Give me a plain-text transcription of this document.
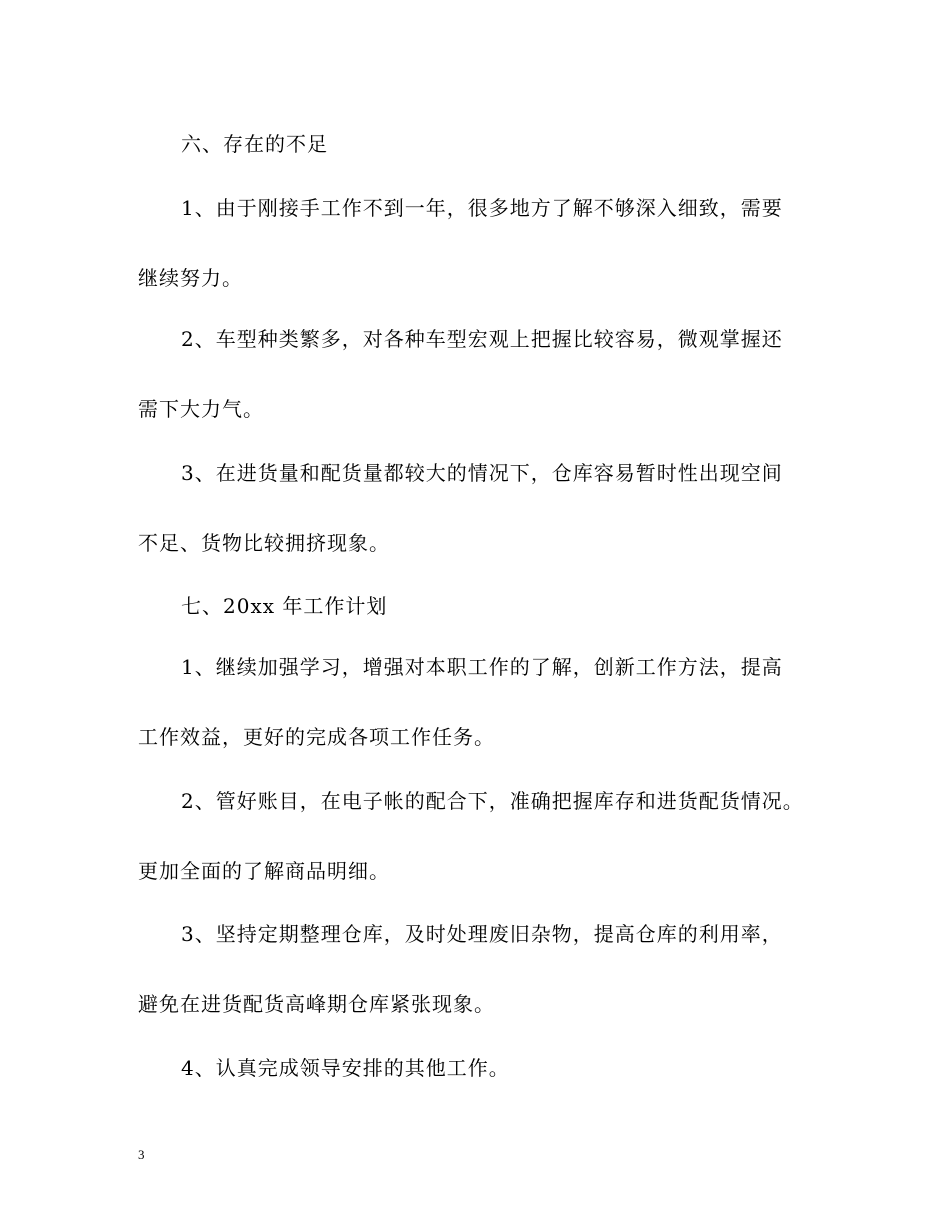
六、存在的不足
1、由于刚接手工作不到一年，很多地方了解不够深入细致，需要
继续努力。
2、车型种类繁多，对各种车型宏观上把握比较容易，微观掌握还
需下大力气。
3、在进货量和配货量都较大的情况下，仓库容易暂时性出现空间
不足、货物比较拥挤现象。
七、20xx 年工作计划
1、继续加强学习，增强对本职工作的了解，创新工作方法，提高
工作效益，更好的完成各项工作任务。
2、管好账目，在电子帐的配合下，准确把握库存和进货配货情况。
更加全面的了解商品明细。
3、坚持定期整理仓库，及时处理废旧杂物，提高仓库的利用率，
避免在进货配货高峰期仓库紧张现象。
4、认真完成领导安排的其他工作。
3
